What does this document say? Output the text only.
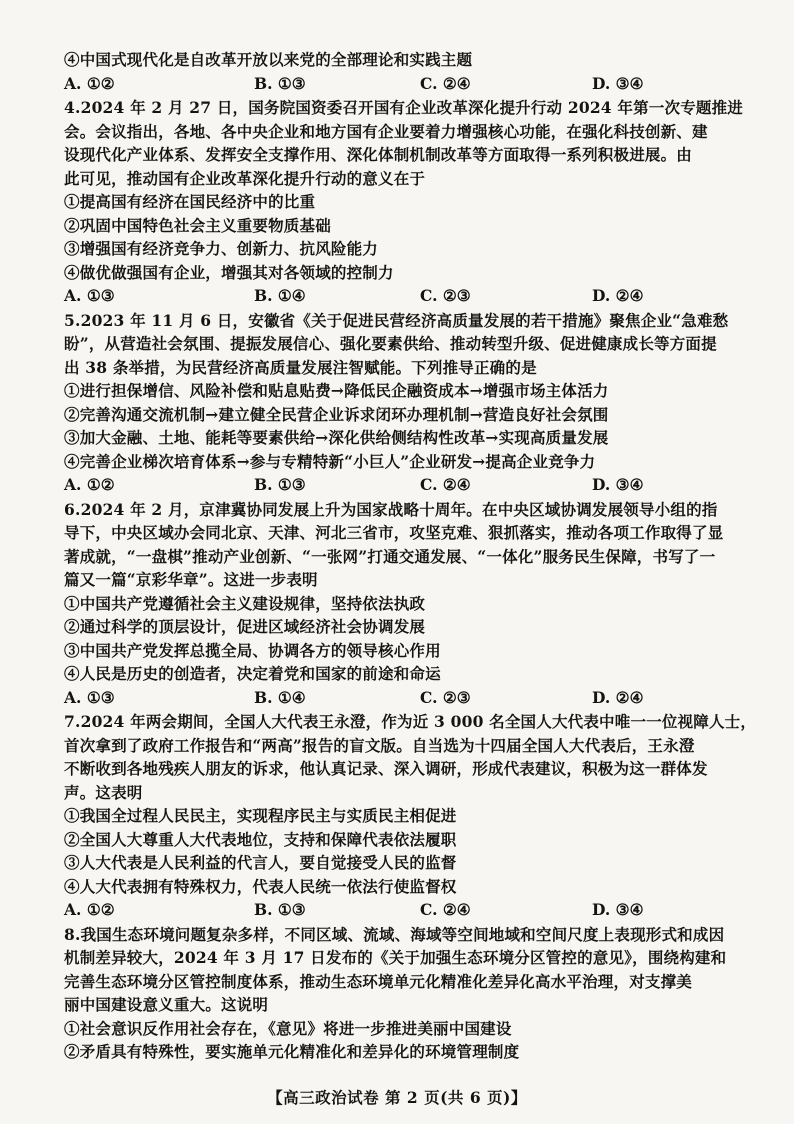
④中国式现代化是自改革开放以来党的全部理论和实践主题
A. ①②	B. ①③	C. ②④	D. ③④
4.2024 年 2 月 27 日，国务院国资委召开国有企业改革深化提升行动 2024 年第一次专题推进
会。会议指出，各地、各中央企业和地方国有企业要着力增强核心功能，在强化科技创新、建
设现代化产业体系、发挥安全支撑作用、深化体制机制改革等方面取得一系列积极进展。由
此可见，推动国有企业改革深化提升行动的意义在于
①提高国有经济在国民经济中的比重
②巩固中国特色社会主义重要物质基础
③增强国有经济竞争力、创新力、抗风险能力
④做优做强国有企业，增强其对各领域的控制力
A. ①③	B. ①④	C. ②③	D. ②④
5.2023 年 11 月 6 日，安徽省《关于促进民营经济高质量发展的若干措施》聚焦企业“急难愁
盼”，从营造社会氛围、提振发展信心、强化要素供给、推动转型升级、促进健康成长等方面提
出 38 条举措，为民营经济高质量发展注智赋能。下列推导正确的是
①进行担保增信、风险补偿和贴息贴费→降低民企融资成本→增强市场主体活力
②完善沟通交流机制→建立健全民营企业诉求闭环办理机制→营造良好社会氛围
③加大金融、土地、能耗等要素供给→深化供给侧结构性改革→实现高质量发展
④完善企业梯次培育体系→参与专精特新“小巨人”企业研发→提高企业竞争力
A. ①②	B. ①③	C. ②④	D. ③④
6.2024 年 2 月，京津冀协同发展上升为国家战略十周年。在中央区域协调发展领导小组的指
导下，中央区域办会同北京、天津、河北三省市，攻坚克难、狠抓落实，推动各项工作取得了显
著成就，“一盘棋”推动产业创新、“一张网”打通交通发展、“一体化”服务民生保障，书写了一
篇又一篇“京彩华章”。这进一步表明
①中国共产党遵循社会主义建设规律，坚持依法执政
②通过科学的顶层设计，促进区域经济社会协调发展
③中国共产党发挥总揽全局、协调各方的领导核心作用
④人民是历史的创造者，决定着党和国家的前途和命运
A. ①③	B. ①④	C. ②③	D. ②④
7.2024 年两会期间，全国人大代表王永澄，作为近 3 000 名全国人大代表中唯一一位视障人士，
首次拿到了政府工作报告和“两高”报告的盲文版。自当选为十四届全国人大代表后，王永澄
不断收到各地残疾人朋友的诉求，他认真记录、深入调研，形成代表建议，积极为这一群体发
声。这表明
①我国全过程人民民主，实现程序民主与实质民主相促进
②全国人大尊重人大代表地位，支持和保障代表依法履职
③人大代表是人民利益的代言人，要自觉接受人民的监督
④人大代表拥有特殊权力，代表人民统一依法行使监督权
A. ①②	B. ①③	C. ②④	D. ③④
8.我国生态环境问题复杂多样，不同区域、流域、海域等空间地域和空间尺度上表现形式和成因
机制差异较大，2024 年 3 月 17 日发布的《关于加强生态环境分区管控的意见》，围绕构建和
完善生态环境分区管控制度体系，推动生态环境单元化精准化差异化高水平治理，对支撑美
丽中国建设意义重大。这说明
①社会意识反作用社会存在，《意见》将进一步推进美丽中国建设
②矛盾具有特殊性，要实施单元化精准化和差异化的环境管理制度
【高三政治试卷 第 2 页(共 6 页)】
